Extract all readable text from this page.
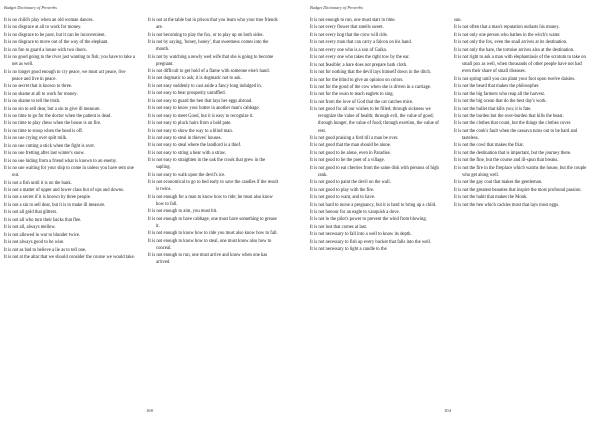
Budget Dictionary of Proverbs
It is no child's play when an old woman dances.
It is no disgrace at all to work for money.
It is no disgrace to be poor, but it can be inconvenient.
It is no disgrace to move out of the way of the elephant.
It is no fun to guard a house with two doors.
It is no good going to the river just wanting to fish; you have to take a net as well.
It is no longer good enough to cry peace, we must act peace, live peace and live in peace.
It is no secret that is known to three.
It is no shame at all to work for money.
It is no shame to tell the truth.
It is no sin to sell dear, but a sin to give ill measure.
It is no time to go for the doctor when the patient is dead.
It is no time to play chess when the house is on fire.
It is no time to stoop when the head is off.
It is no use crying over spilt milk.
It is no use cutting a stick when the fight is over.
It is no use fretting after last winter's snow.
It is no use hiding from a friend what is known to an enemy.
It is no use waiting for your ship to come in unless you have sent one out.
It is not a fish until it is on the bank.
It is not a matter of upper and lower class but of ups and downs.
It is not a secret if it is known by three people.
It is not a sin to sell dear, but it is to make ill measure.
It is not all gold that glitters.
It is not all who turn their backs that flee.
It is not all, always mellow.
It is not allowed in war to blunder twice.
It is not always good to be wise.
It is not as bad to believe a lie as to tell one.
It is not at the altar that we should consider the course we would take.
It is not at the table but in prison that you learn who your true friends are.
It is not becoming to play the fox, or to play up on both sides.
It is not by saying, 'honey, honey', that sweetness comes into the mouth.
It is not by watching a newly wed wife that she is going to become pregnant.
It is not difficult to get hold of a flame with someone else's hand.
It is not dogmatic to ask; it is dogmatic not to ask.
It is not easy suddenly to cast aside a fancy long indulged in.
It is not easy to bear prosperity unruffled.
It is not easy to guard the hen that lays her eggs abroad.
It is not easy to know your butter in another man's cabbage.
It is not easy to meet Good, but it is easy to recognize it.
It is not easy to pluck hairs from a bald pate.
It is not easy to show the way to a blind man.
It is not easy to steal in thieves' houses.
It is not easy to steal where the landlord is a thief.
It is not easy to string a bear with a straw.
It is not easy to straighten in the oak the crook that grew in the sapling.
It is not easy to walk upon the devil's ice.
It is not economical to go to bed early to save the candles if the result is twins.
It is not enough for a man to know how to ride; he must also know how to fall.
It is not enough to aim, you must hit.
It is not enough to have cabbage, one must have something to grease it.
It is not enough to know how to ride you must also know how to fall.
It is not enough to know how to steal, one must know also how to conceal.
It is not enough to run, one must arrive and know when one has arrived.
168
Budget Dictionary of Proverbs
It is not enough to run, one must start in time.
It is not every flower that smells sweet.
It is not every hog that the crow will ride.
It is not every man that can carry a falcon on his hand.
It is not every one who is a son of Gaika.
It is not every one who takes the right tow by the ear.
It is not feasible; a hare does not prepare bark cloth.
It is not for nothing that the devil lays himself down in the ditch.
It is not for the blind to give an opinion on colors.
It is not for the good of the cow when she is driven in a carriage.
It is not for the swan to teach eaglets to sing.
It is not from the love of God that the cat catches mice.
It is not good for all our wishes to be filled; through sickness we recognize the value of health; through evil, the value of good; through hunger, the value of food; through exertion, the value of rest.
It is not good praising a ford till a man be over.
It is not good that the man should be alone.
It is not good to be alone, even in Paradise.
It is not good to be the poet of a village.
It is not good to eat cherries from the same dish with persons of high rank.
It is not good to paint the devil on the wall.
It is not good to play with the fire.
It is not good to want, and to have.
It is not hard to nurse a pregnancy, but it is hard to bring up a child.
It is not honour for an eagle to vanquish a dove.
It is not in the pilot's power to prevent the wind from blowing.
It is not lost that comes at last.
It is not necessary to fall into a well to know its depth.
It is not necessary to fish up every bucket that falls into the well.
It is not necessary to light a candle to the
sun.
It is not often that a man's reputation outlasts his money.
It is not only one person who bathes in the witch's water.
It is not only the fox, even the snail arrives at its destination.
It is not only the hare, the tortoise arrives also at the destination.
It is not right to ask a man with elephantiasis of the scrotum to take on small pox as well, when thousands of other people have not had even their share of small diseases.
It is not spring until you can plant your foot upon twelve daisies.
It is not the beard that makes the philosopher.
It is not the big farmers who reap all the harvest.
It is not the big ocean that do the best day's work.
It is not the bullet that kills you; it is fate.
It is not the burden but the over-burden that kills the beast.
It is not the clothes that count, but the things the clothes cover.
It is not the cook's fault when the cassava turns out to be hard and tasteless.
It is not the cowl that makes the friar.
It is not the destination that is important, but the journey there.
It is not the fine, but the course and ill-spun that breaks.
It is not the fire in the fireplace which warms the house, but the couple who get along well.
It is not the gay coat that makes the gentleman.
It is not the greatest beauties that inspire the most profound passion.
It is not the habit that makes the Monk.
It is not the hen which cackles most that lays most eggs.
104
